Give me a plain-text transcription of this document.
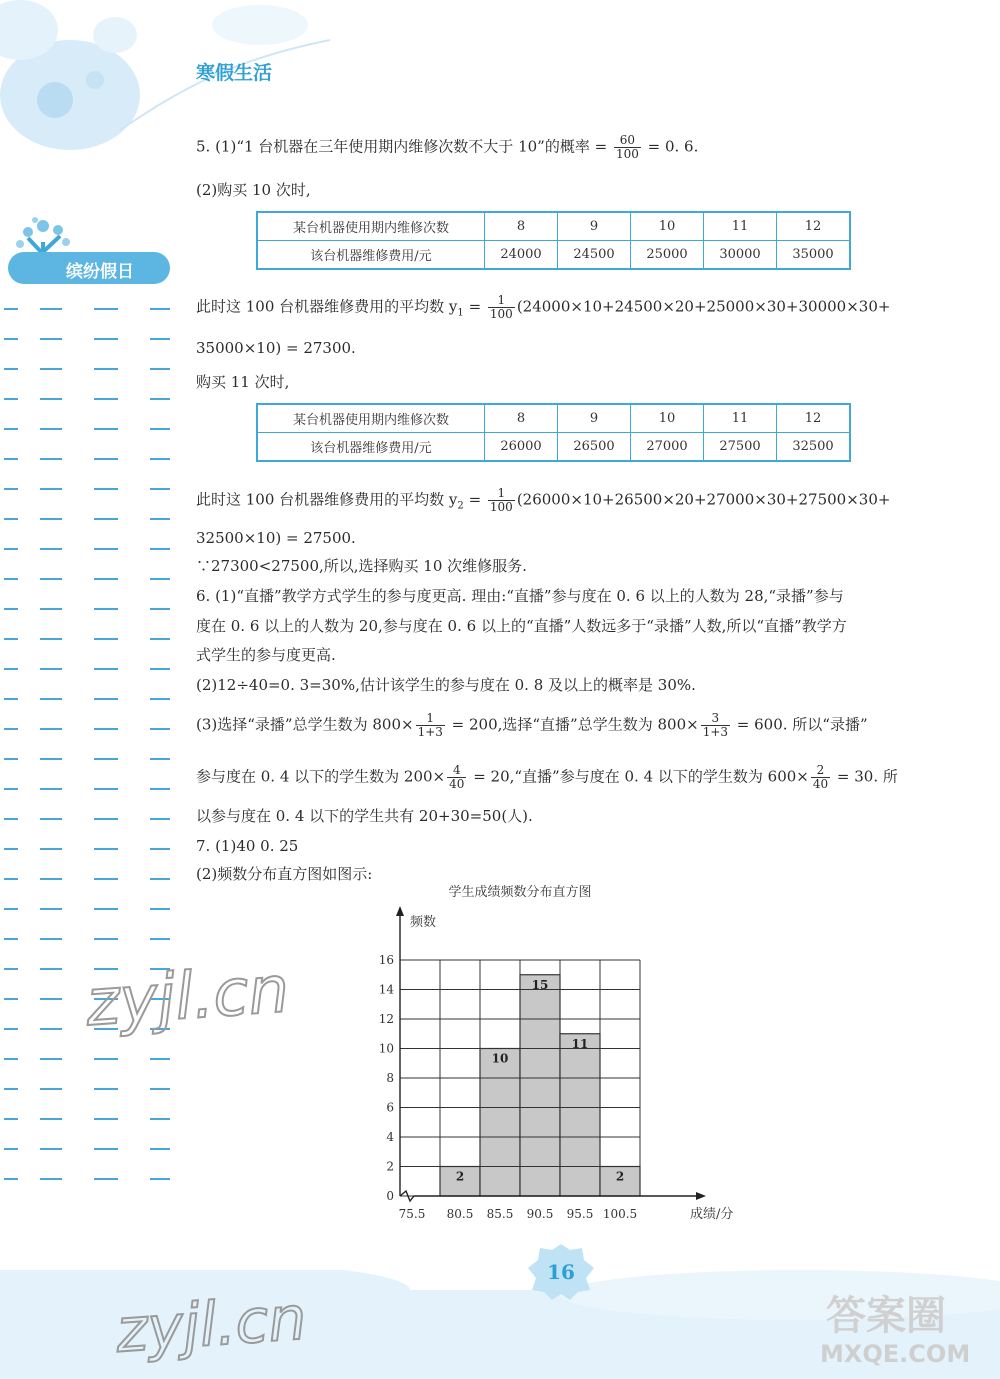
寒假生活
缤纷假日
5. (1)“1 台机器在三年使用期内维修次数不大于 10”的概率 = $\frac{60}{100} = 0$. 6.
(2)购买 10 次时,
某台机器使用期内维修次数	8	9	10	11	12
该台机器维修费用/元	24000	24500	25000	30000	35000
此时这 100 台机器维修费用的平均数 $y_1 = \frac{1}{100} (24000\times 10+24500\times 20+25000\times 30+30000\times 30+$
35000×10) = 27300.
购买 11 次时,
某台机器使用期内维修次数	8	9	10	11	12
该台机器维修费用/元	26000	26500	27000	27500	32500
此时这 100 台机器维修费用的平均数 $y_2 = \frac{1}{100} (26000\times 10+26500\times 20+27000\times 30+27500\times 30+$
32500×10) = 27500.
∵27300<27500,所以,选择购买 10 次维修服务.
6. (1)“直播”教学方式学生的参与度更高. 理由:“直播”参与度在 0. 6 以上的人数为 28,“录播”参与
度在 0. 6 以上的人数为 20,参与度在 0. 6 以上的“直播”人数远多于“录播”人数,所以“直播”教学方
式学生的参与度更高.
(2)12÷40=0. 3=30%,估计该学生的参与度在 0. 8 及以上的概率是 30%.
(3)选择“录播”总学生数为 $800\times \frac{1}{1+3} = 200$,选择“直播”总学生数为 $800\times \frac{3}{1+3} = 600$. 所以“录播”
参与度在 0. 4 以下的学生数为 $200\times \frac{4}{40}$ = 20,“直播”参与度在 0. 4 以下的学生数为 $600\times \frac{2}{40} = 30$. 所
以参与度在 0. 4 以下的学生共有 20+30=50(人).
7. (1)40 0. 25
(2)频数分布直方图如图示:
学生成绩频数分布直方图
频数
成绩/分
0
2
4
6
8
10
12
14
16
75.5 80.5 85.5 90.5 95.5 100.5
2
10
15
11
2
16
zyjl.cn
zyjl.cn	答案圈
MXQE.COM
